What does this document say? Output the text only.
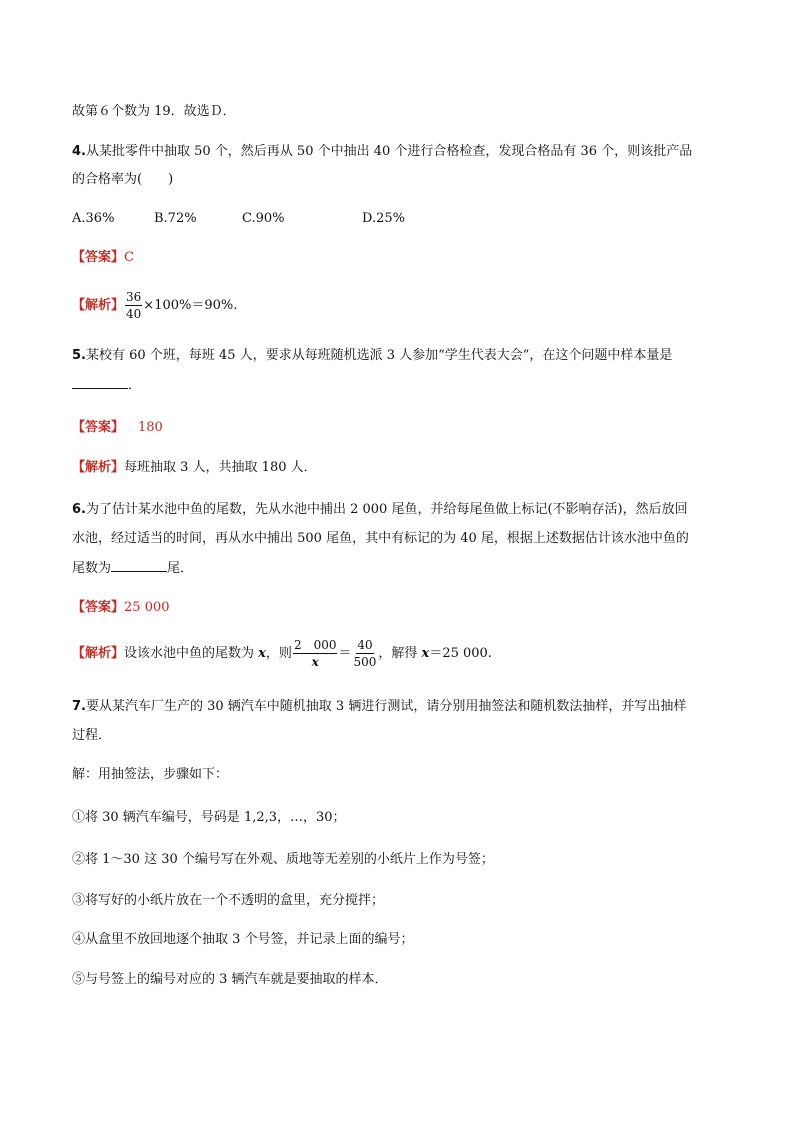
故第６个数为 19．故选Ｄ．
4.从某批零件中抽取 50 个，然后再从 50 个中抽出 40 个进行合格检查，发现合格品有 36 个，则该批产品
的合格率为(　　)
A.36%	B.72%	C.90%	D.25%
【答案】C
【解析】 $\frac{36}{40} \times 100\%=90\%$.
5.某校有 60 个班，每班 45 人，要求从每班随机选派 3 人参加“学生代表大会”，在这个问题中样本量是
．
【答案】 180
【解析】每班抽取 3 人，共抽取 180 人．
6.为了估计某水池中鱼的尾数，先从水池中捕出 2 000 尾鱼，并给每尾鱼做上标记(不影响存活)，然后放回
水池，经过适当的时间，再从水中捕出 500 尾鱼，其中有标记的为 40 尾，根据上述数据估计该水池中鱼的
尾数为	尾．
【答案】25 000
【解析】设该水池中鱼的尾数为 x，则 $\frac{2 000}{x} = \frac{40}{500}$ ，解得 x＝25 000.
7.要从某汽车厂生产的 30 辆汽车中随机抽取 3 辆进行测试，请分别用抽签法和随机数法抽样，并写出抽样
过程．
解：用抽签法，步骤如下：
①将 30 辆汽车编号，号码是 1,2,3，…，30；
②将 1～30 这 30 个编号写在外观、质地等无差别的小纸片上作为号签；
③将写好的小纸片放在一个不透明的盒里，充分搅拌；
④从盒里不放回地逐个抽取 3 个号签，并记录上面的编号；
⑤与号签上的编号对应的 3 辆汽车就是要抽取的样本．
